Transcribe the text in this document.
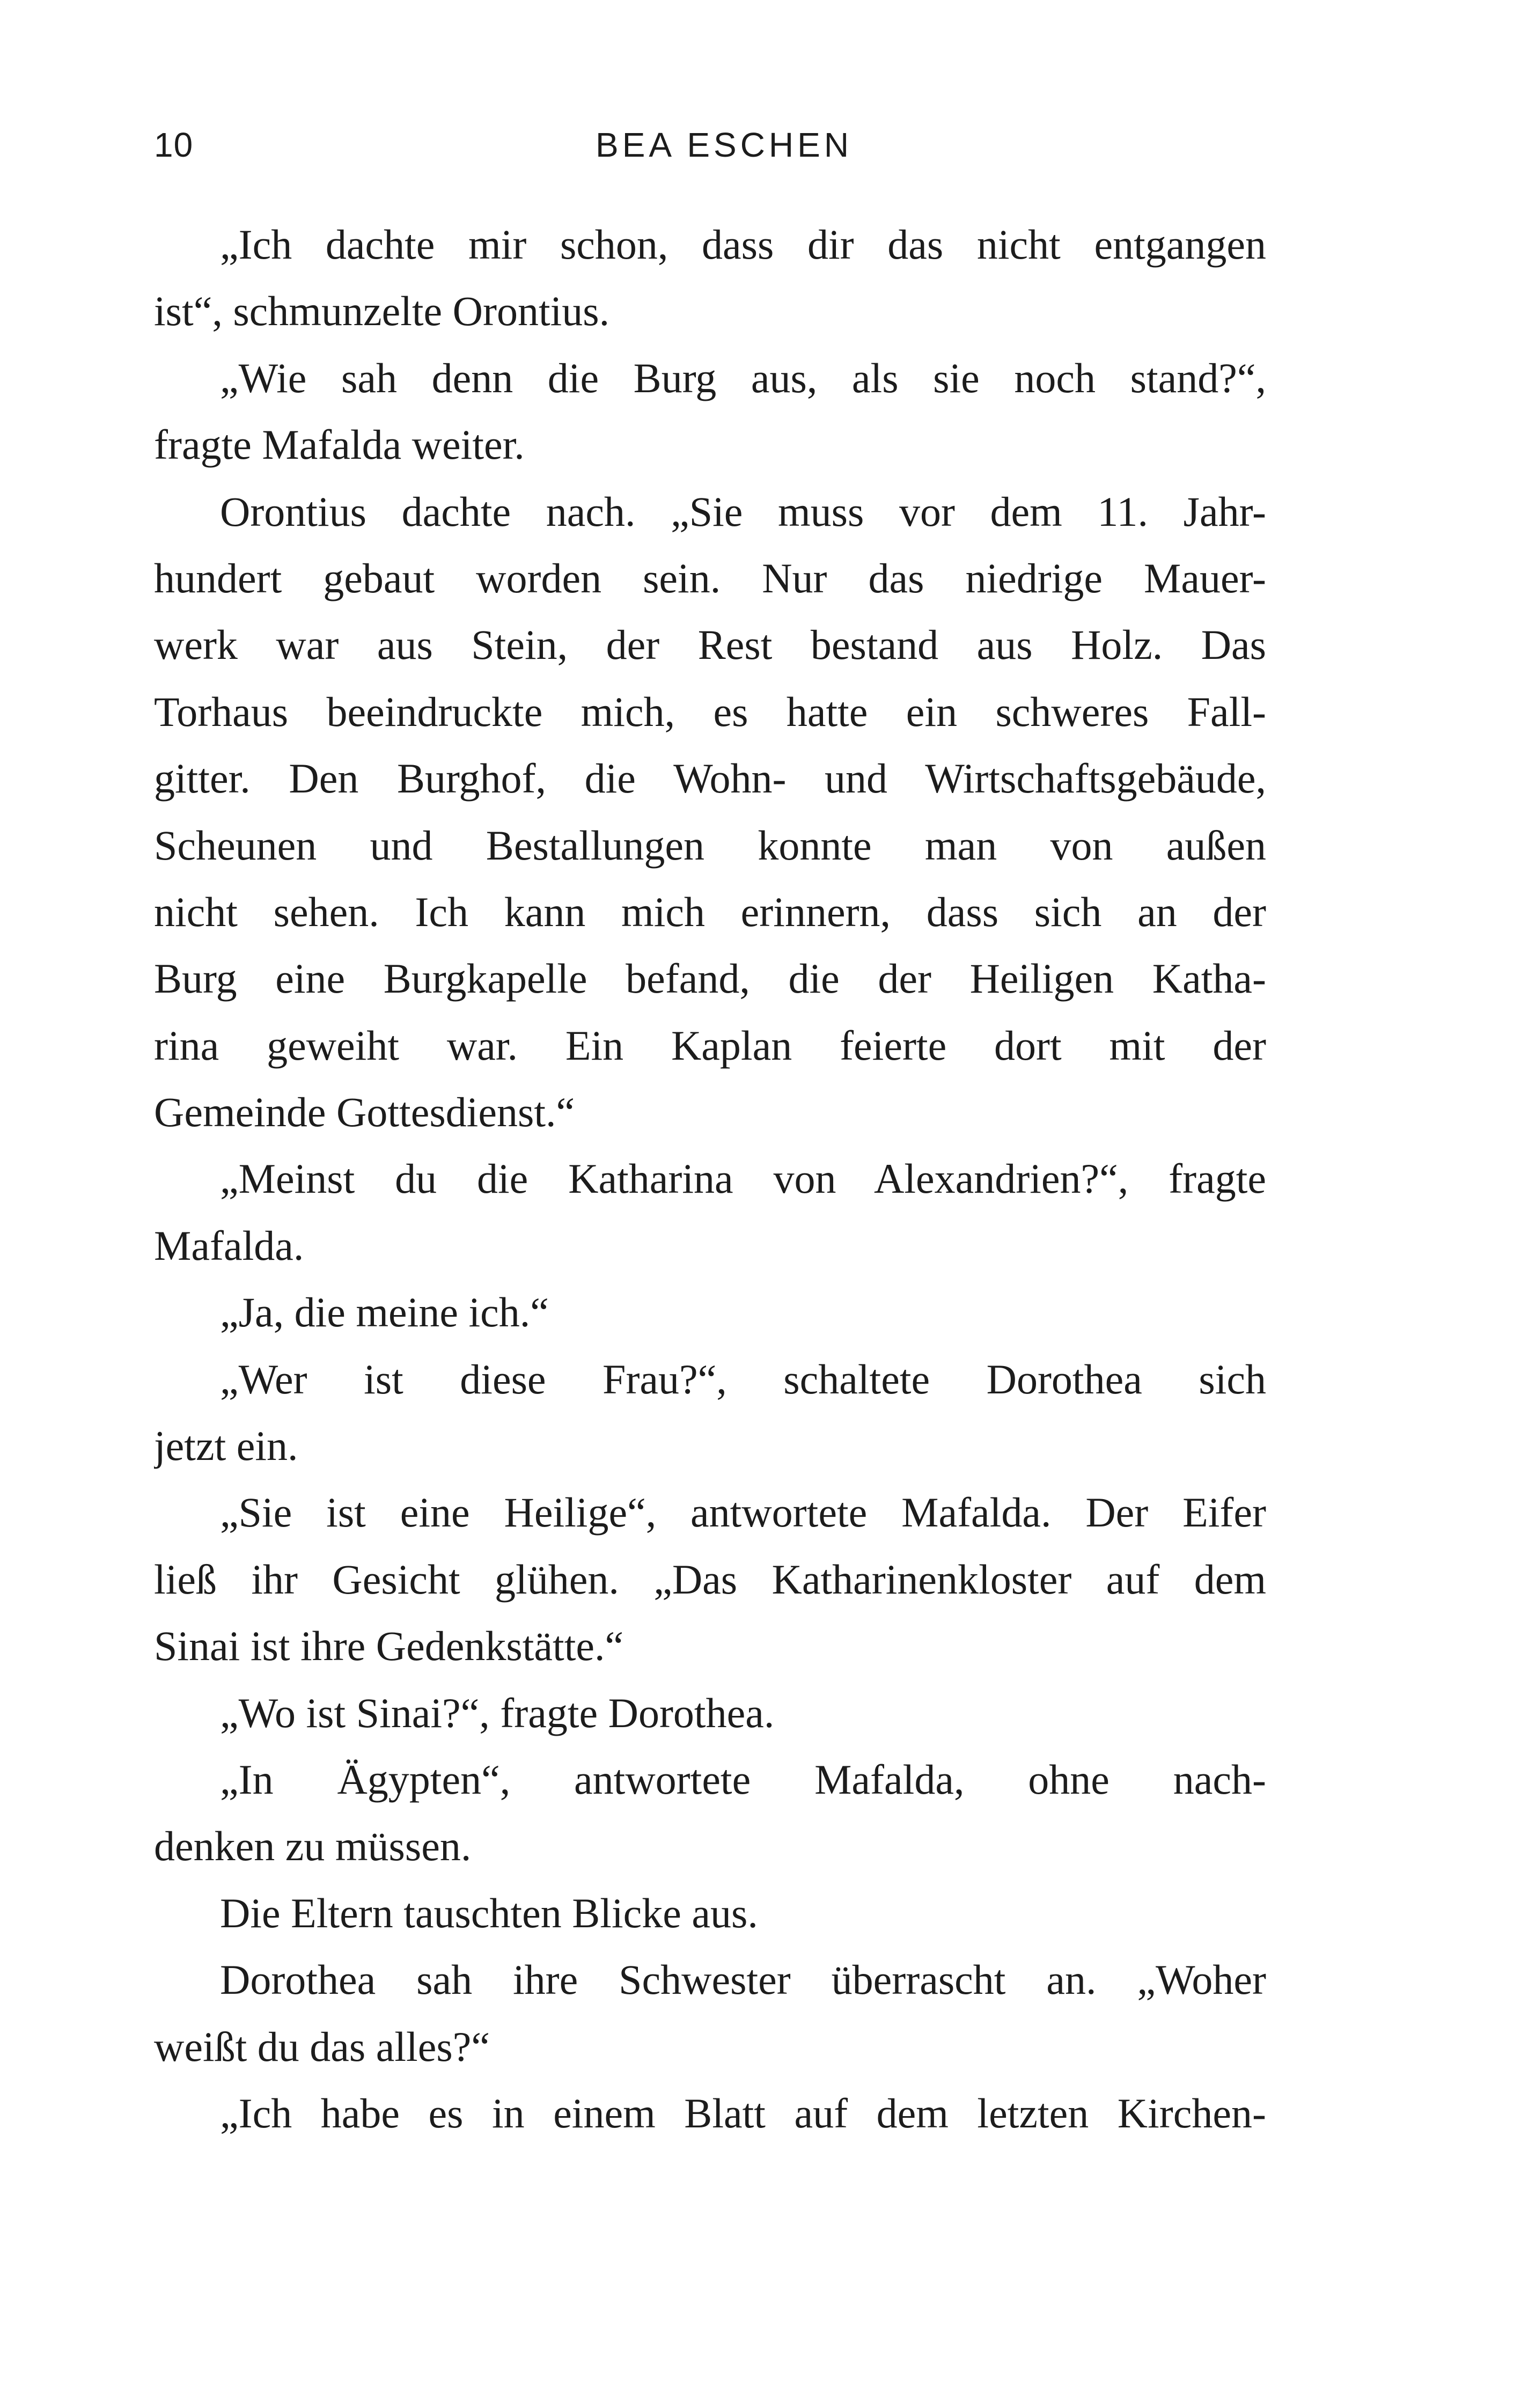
10	BEA ESCHEN
„Ich dachte mir schon, dass dir das nicht entgangen
ist“, schmunzelte Orontius.
„Wie sah denn die Burg aus, als sie noch stand?“,
fragte Mafalda weiter.
Orontius dachte nach. „Sie muss vor dem 11. Jahr-
hundert gebaut worden sein. Nur das niedrige Mauer-
werk war aus Stein, der Rest bestand aus Holz. Das
Torhaus beeindruckte mich, es hatte ein schweres Fall-
gitter. Den Burghof, die Wohn- und Wirtschaftsgebäude,
Scheunen und Bestallungen konnte man von außen
nicht sehen. Ich kann mich erinnern, dass sich an der
Burg eine Burgkapelle befand, die der Heiligen Katha-
rina geweiht war. Ein Kaplan feierte dort mit der
Gemeinde Gottesdienst.“
„Meinst du die Katharina von Alexandrien?“, fragte
Mafalda.
„Ja, die meine ich.“
„Wer ist diese Frau?“, schaltete Dorothea sich
jetzt ein.
„Sie ist eine Heilige“, antwortete Mafalda. Der Eifer
ließ ihr Gesicht glühen. „Das Katharinenkloster auf dem
Sinai ist ihre Gedenkstätte.“
„Wo ist Sinai?“, fragte Dorothea.
„In Ägypten“, antwortete Mafalda, ohne nach-
denken zu müssen.
Die Eltern tauschten Blicke aus.
Dorothea sah ihre Schwester überrascht an. „Woher
weißt du das alles?“
„Ich habe es in einem Blatt auf dem letzten Kirchen-
